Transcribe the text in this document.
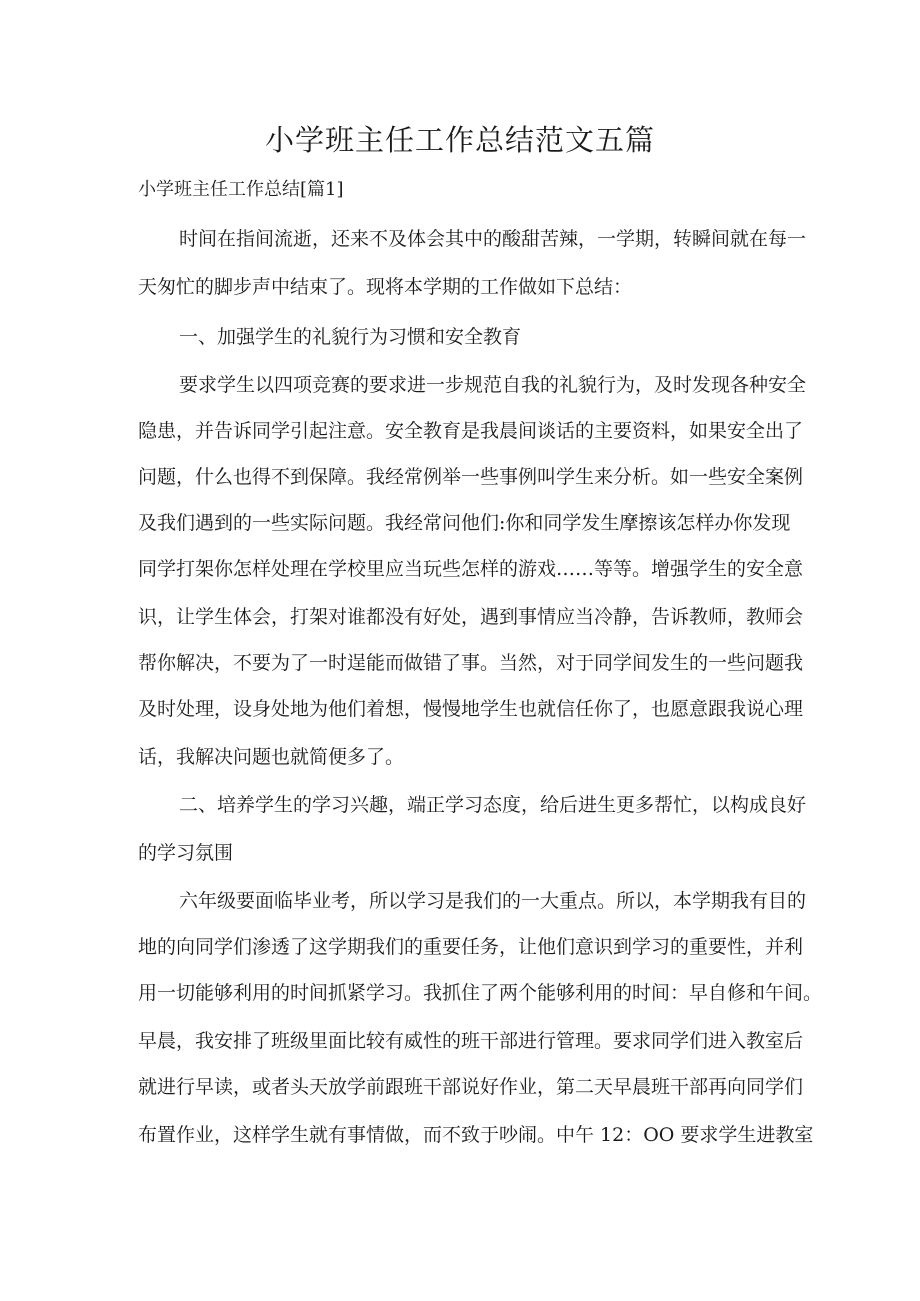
小学班主任工作总结范文五篇
小学班主任工作总结[篇1]
时间在指间流逝，还来不及体会其中的酸甜苦辣，一学期，转瞬间就在每一
天匆忙的脚步声中结束了。现将本学期的工作做如下总结：
一、加强学生的礼貌行为习惯和安全教育
要求学生以四项竞赛的要求进一步规范自我的礼貌行为，及时发现各种安全
隐患，并告诉同学引起注意。安全教育是我晨间谈话的主要资料，如果安全出了
问题，什么也得不到保障。我经常例举一些事例叫学生来分析。如一些安全案例
及我们遇到的一些实际问题。我经常问他们:你和同学发生摩擦该怎样办你发现
同学打架你怎样处理在学校里应当玩些怎样的游戏……等等。增强学生的安全意
识，让学生体会，打架对谁都没有好处，遇到事情应当冷静，告诉教师，教师会
帮你解决，不要为了一时逞能而做错了事。当然，对于同学间发生的一些问题我
及时处理，设身处地为他们着想，慢慢地学生也就信任你了，也愿意跟我说心理
话，我解决问题也就简便多了。
二、培养学生的学习兴趣，端正学习态度，给后进生更多帮忙，以构成良好
的学习氛围
六年级要面临毕业考，所以学习是我们的一大重点。所以，本学期我有目的
地的向同学们渗透了这学期我们的重要任务，让他们意识到学习的重要性，并利
用一切能够利用的时间抓紧学习。我抓住了两个能够利用的时间：早自修和午间。
早晨，我安排了班级里面比较有威性的班干部进行管理。要求同学们进入教室后
就进行早读，或者头天放学前跟班干部说好作业，第二天早晨班干部再向同学们
布置作业，这样学生就有事情做，而不致于吵闹。中午 12：OO 要求学生进教室
